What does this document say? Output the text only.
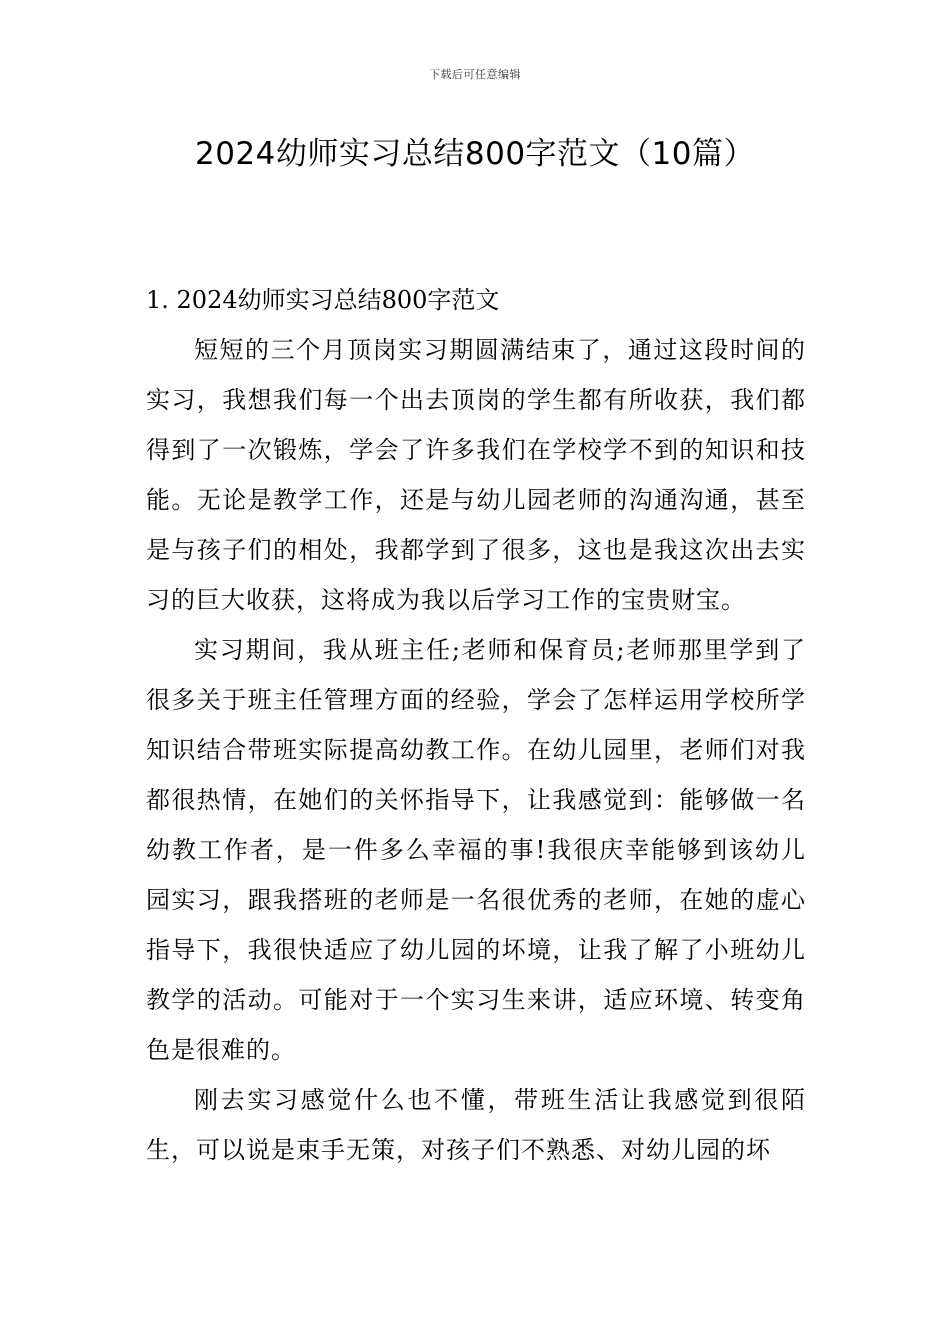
下载后可任意编辑
2024幼师实习总结800字范文（10篇）

1. 2024幼师实习总结800字范文

短短的三个月顶岗实习期圆满结束了，通过这段时间的实习，我想我们每一个出去顶岗的学生都有所收获，我们都得到了一次锻炼，学会了许多我们在学校学不到的知识和技能。无论是教学工作，还是与幼儿园老师的沟通沟通，甚至是与孩子们的相处，我都学到了很多，这也是我这次出去实习的巨大收获，这将成为我以后学习工作的宝贵财宝。

实习期间，我从班主任;老师和保育员;老师那里学到了很多关于班主任管理方面的经验，学会了怎样运用学校所学知识结合带班实际提高幼教工作。在幼儿园里，老师们对我都很热情，在她们的关怀指导下，让我感觉到：能够做一名幼教工作者，是一件多么幸福的事!我很庆幸能够到该幼儿园实习，跟我搭班的老师是一名很优秀的老师，在她的虚心指导下，我很快适应了幼儿园的坏境，让我了解了小班幼儿教学的活动。可能对于一个实习生来讲，适应环境、转变角色是很难的。

刚去实习感觉什么也不懂，带班生活让我感觉到很陌生，可以说是束手无策，对孩子们不熟悉、对幼儿园的坏
